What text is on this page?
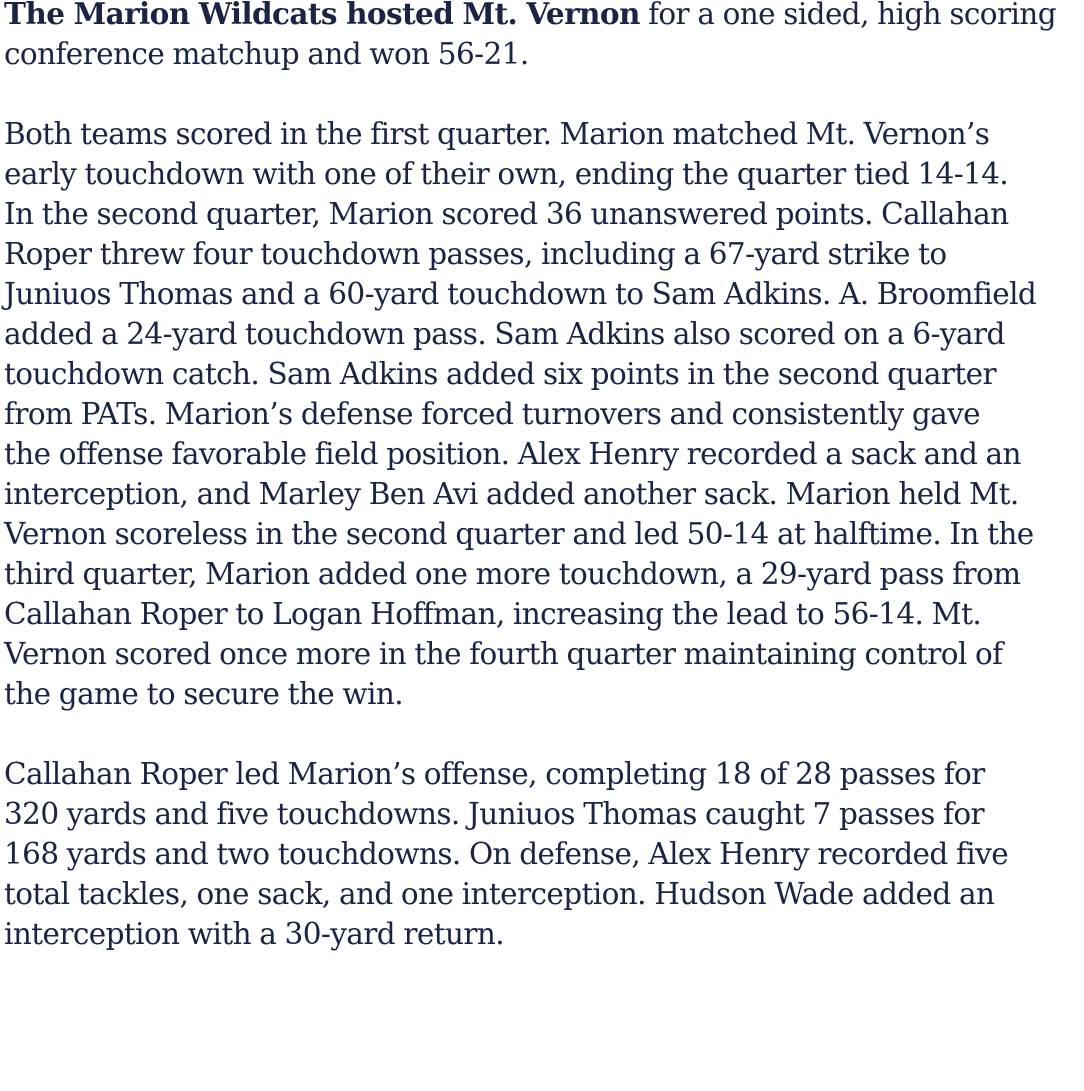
The Marion Wildcats hosted Mt. Vernon for a one sided, high scoring
conference matchup and won 56-21.
Both teams scored in the first quarter. Marion matched Mt. Vernon’s
early touchdown with one of their own, ending the quarter tied 14-14.
In the second quarter, Marion scored 36 unanswered points. Callahan
Roper threw four touchdown passes, including a 67-yard strike to
Juniuos Thomas and a 60-yard touchdown to Sam Adkins. A. Broomfield
added a 24-yard touchdown pass. Sam Adkins also scored on a 6-yard
touchdown catch. Sam Adkins added six points in the second quarter
from PATs. Marion’s defense forced turnovers and consistently gave
the offense favorable field position. Alex Henry recorded a sack and an
interception, and Marley Ben Avi added another sack. Marion held Mt.
Vernon scoreless in the second quarter and led 50-14 at halftime. In the
third quarter, Marion added one more touchdown, a 29-yard pass from
Callahan Roper to Logan Hoffman, increasing the lead to 56-14. Mt.
Vernon scored once more in the fourth quarter maintaining control of
the game to secure the win.
Callahan Roper led Marion’s offense, completing 18 of 28 passes for
320 yards and five touchdowns. Juniuos Thomas caught 7 passes for
168 yards and two touchdowns. On defense, Alex Henry recorded five
total tackles, one sack, and one interception. Hudson Wade added an
interception with a 30-yard return.
